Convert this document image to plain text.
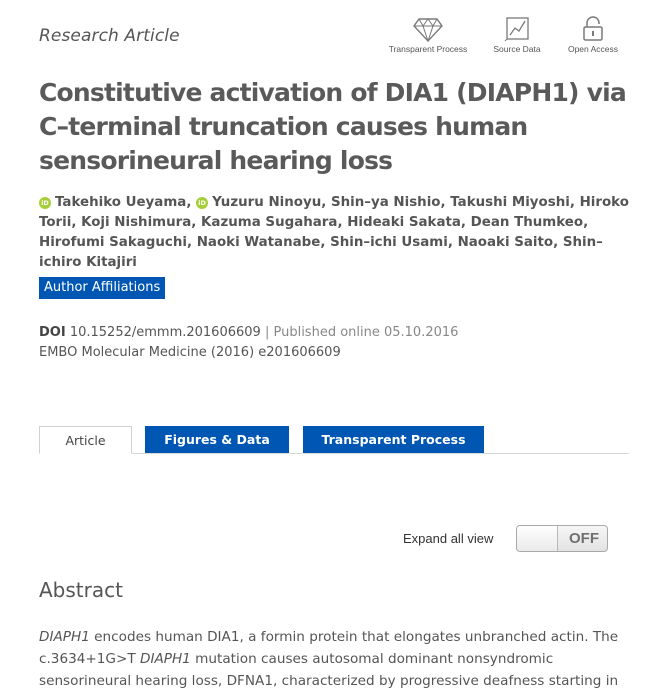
Research Article
Transparent Process	Source Data	Open Access
Constitutive activation of DIA1 (DIAPH1) via C–terminal truncation causes human sensorineural hearing loss
iD Takehiko Ueyama, iD Yuzuru Ninoyu, Shin–ya Nishio, Takushi Miyoshi, Hiroko Torii, Koji Nishimura, Kazuma Sugahara, Hideaki Sakata, Dean Thumkeo, Hirofumi Sakaguchi, Naoki Watanabe, Shin–ichi Usami, Naoaki Saito, Shin–ichiro Kitajiri
Author Affiliations
DOI 10.15252/emmm.201606609 | Published online 05.10.2016
EMBO Molecular Medicine (2016) e201606609
Article	Figures & Data	Transparent Process
Expand all view	OFF
Abstract

DIAPH1 encodes human DIA1, a formin protein that elongates unbranched actin. The c.3634+1G>T DIAPH1 mutation causes autosomal dominant nonsyndromic sensorineural hearing loss, DFNA1, characterized by progressive deafness starting in
